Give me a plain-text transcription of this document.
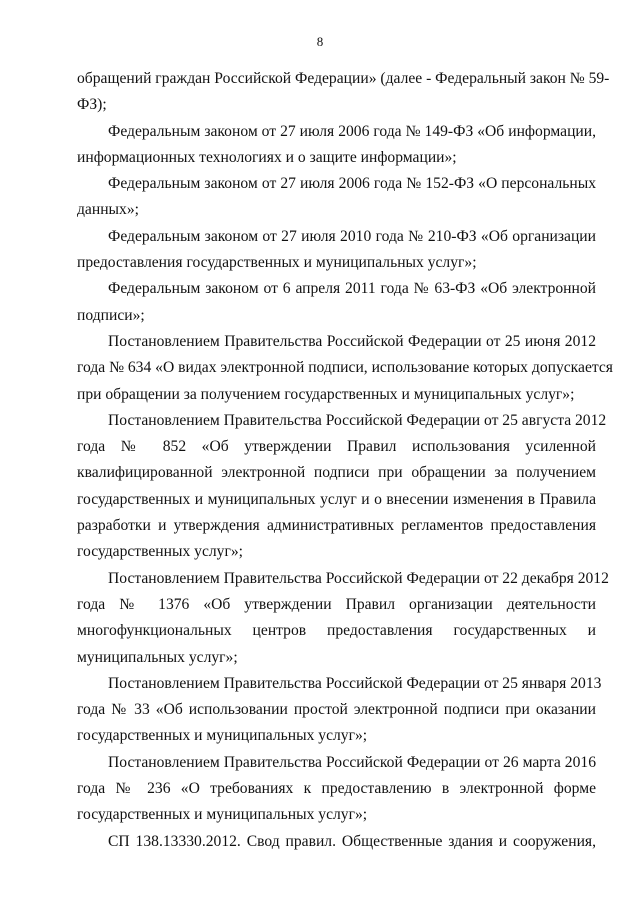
8
обращений граждан Российской Федерации» (далее - Федеральный закон № 59-
ФЗ);
Федеральным законом от 27 июля 2006 года № 149-ФЗ «Об информации,
информационных технологиях и о защите информации»;
Федеральным законом от 27 июля 2006 года № 152-ФЗ «О персональных
данных»;
Федеральным законом от 27 июля 2010 года № 210-ФЗ «Об организации
предоставления государственных и муниципальных услуг»;
Федеральным законом от 6 апреля 2011 года № 63-ФЗ «Об электронной
подписи»;
Постановлением Правительства Российской Федерации от 25 июня 2012
года № 634 «О видах электронной подписи, использование которых допускается
при обращении за получением государственных и муниципальных услуг»;
Постановлением Правительства Российской Федерации от 25 августа 2012
года № 852 «Об утверждении Правил использования усиленной
квалифицированной электронной подписи при обращении за получением
государственных и муниципальных услуг и о внесении изменения в Правила
разработки и утверждения административных регламентов предоставления
государственных услуг»;
Постановлением Правительства Российской Федерации от 22 декабря 2012
года № 1376 «Об утверждении Правил организации деятельности
многофункциональных центров предоставления государственных и
муниципальных услуг»;
Постановлением Правительства Российской Федерации от 25 января 2013
года № 33 «Об использовании простой электронной подписи при оказании
государственных и муниципальных услуг»;
Постановлением Правительства Российской Федерации от 26 марта 2016
года № 236 «О требованиях к предоставлению в электронной форме
государственных и муниципальных услуг»;
СП 138.13330.2012. Свод правил. Общественные здания и сооружения,
